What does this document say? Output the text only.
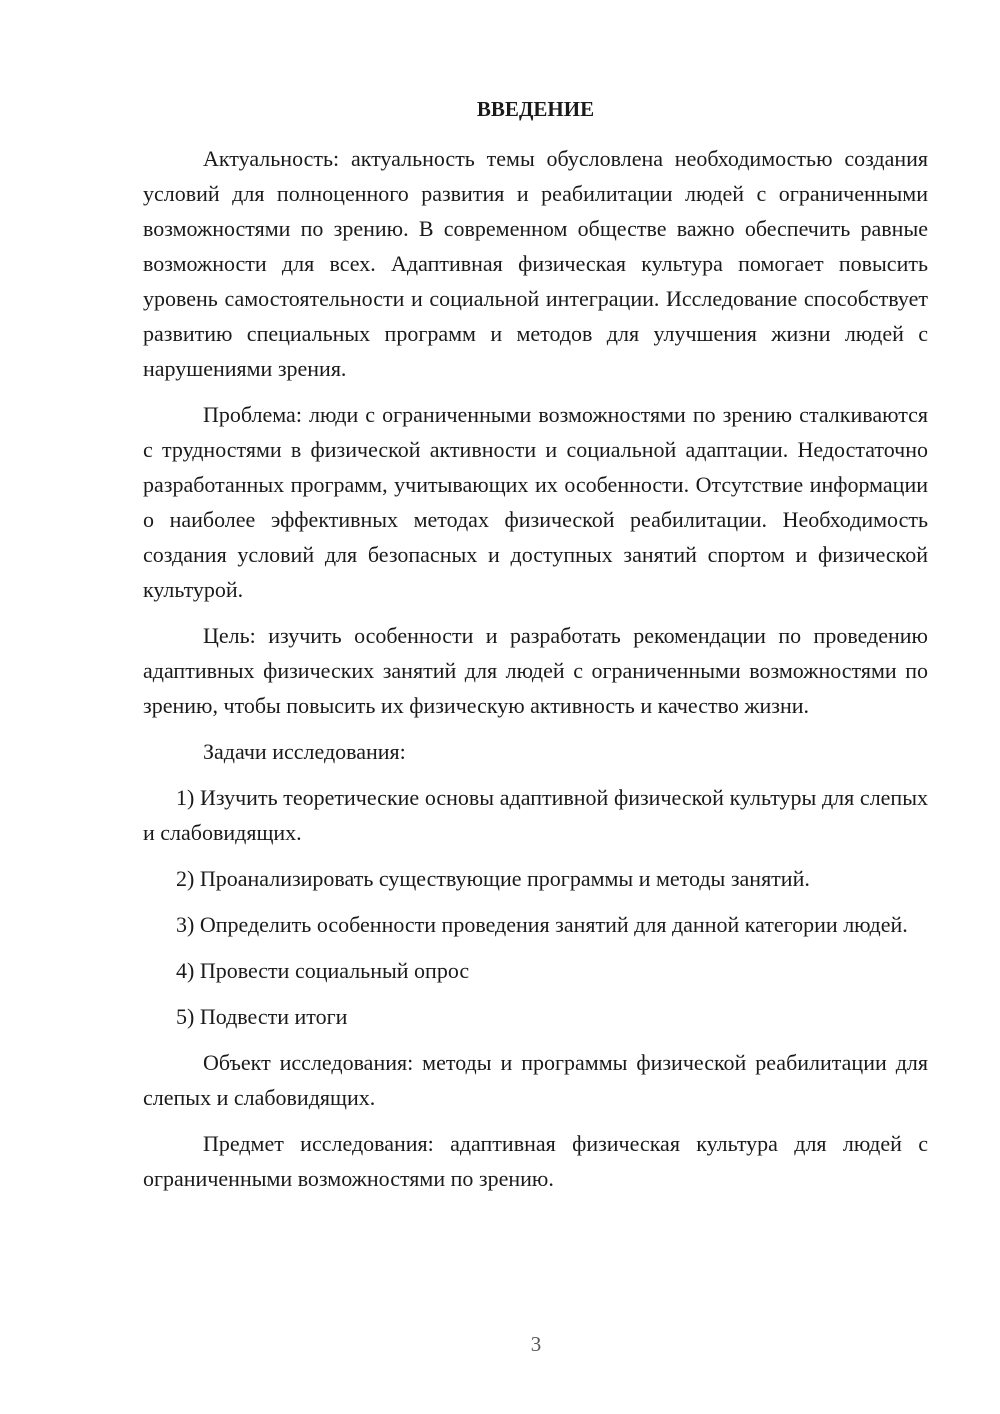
ВВЕДЕНИЕ

Актуальность: актуальность темы обусловлена необходимостью создания условий для полноценного развития и реабилитации людей с ограниченными возможностями по зрению. В современном обществе важно обеспечить равные возможности для всех. Адаптивная физическая культура помогает повысить уровень самостоятельности и социальной интеграции. Исследование способствует развитию специальных программ и методов для улучшения жизни людей с нарушениями зрения.

Проблема: люди с ограниченными возможностями по зрению сталкиваются с трудностями в физической активности и социальной адаптации. Недостаточно разработанных программ, учитывающих их особенности. Отсутствие информации о наиболее эффективных методах физической реабилитации. Необходимость создания условий для безопасных и доступных занятий спортом и физической культурой.

Цель: изучить особенности и разработать рекомендации по проведению адаптивных физических занятий для людей с ограниченными возможностями по зрению, чтобы повысить их физическую активность и качество жизни.

Задачи исследования:

1) Изучить теоретические основы адаптивной физической культуры для слепых и слабовидящих.

2) Проанализировать существующие программы и методы занятий.

3) Определить особенности проведения занятий для данной категории людей.

4) Провести социальный опрос

5) Подвести итоги

Объект исследования: методы и программы физической реабилитации для слепых и слабовидящих.

Предмет исследования: адаптивная физическая культура для людей с ограниченными возможностями по зрению.

3
